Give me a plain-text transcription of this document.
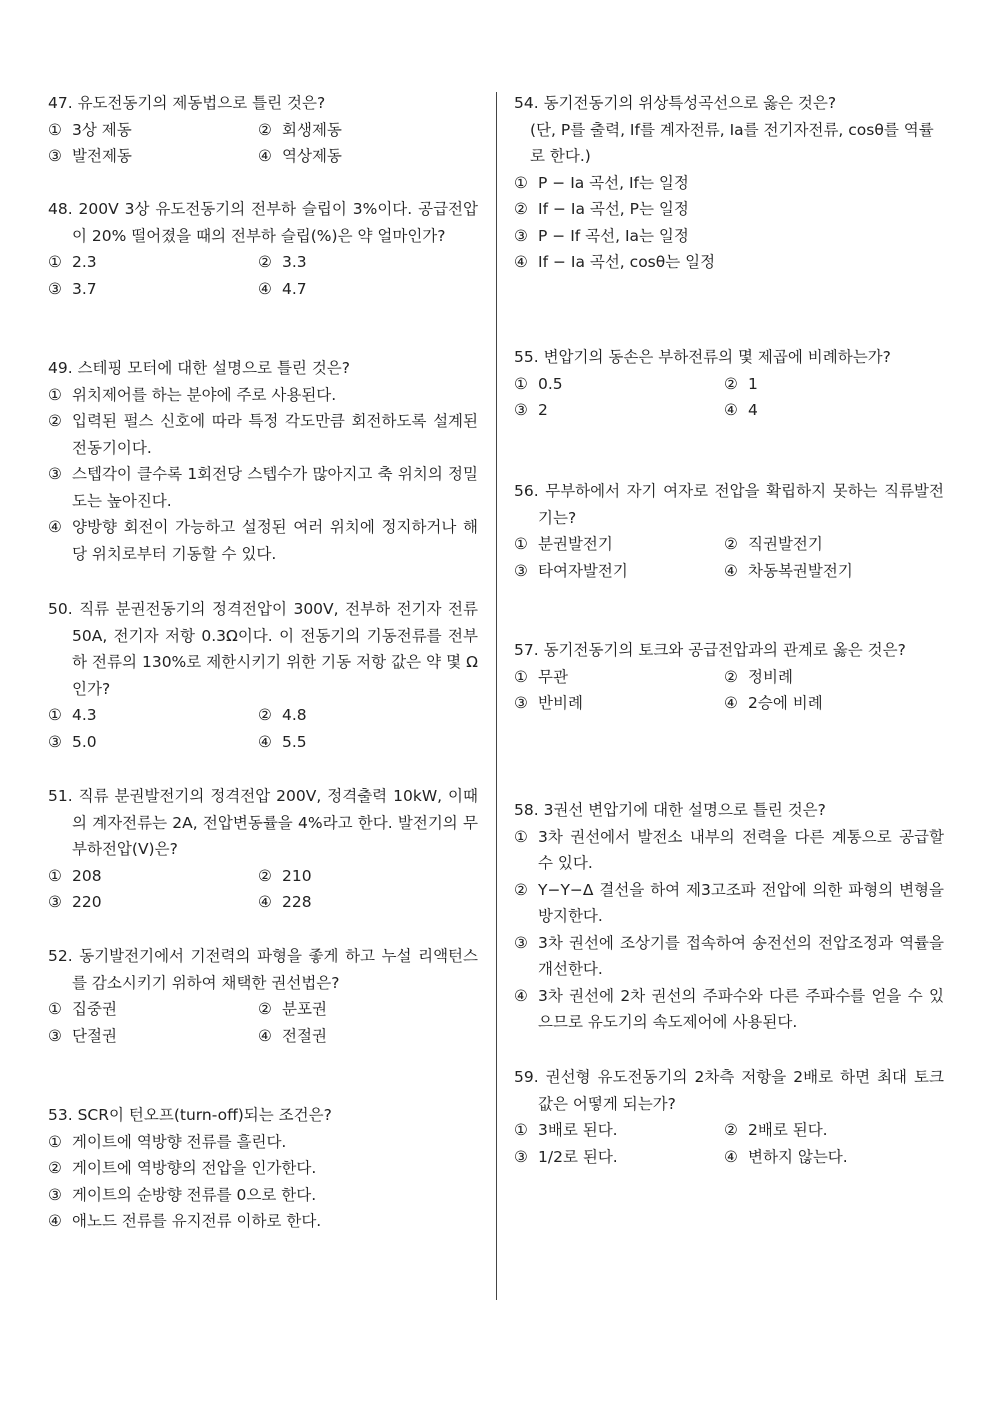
47. 유도전동기의 제동법으로 틀린 것은?
① 3상 제동	② 회생제동
③ 발전제동	④ 역상제동
48. 200V 3상 유도전동기의 전부하 슬립이 3%이다. 공급전압이 20% 떨어졌을 때의 전부하 슬립(%)은 약 얼마인가?
① 2.3	② 3.3
③ 3.7	④ 4.7
49. 스테핑 모터에 대한 설명으로 틀린 것은?
① 위치제어를 하는 분야에 주로 사용된다.
② 입력된 펄스 신호에 따라 특정 각도만큼 회전하도록 설계된 전동기이다.
③ 스텝각이 클수록 1회전당 스텝수가 많아지고 축 위치의 정밀도는 높아진다.
④ 양방향 회전이 가능하고 설정된 여러 위치에 정지하거나 해당 위치로부터 기동할 수 있다.
50. 직류 분권전동기의 정격전압이 300V, 전부하 전기자 전류 50A, 전기자 저항 0.3Ω이다. 이 전동기의 기동전류를 전부하 전류의 130%로 제한시키기 위한 기동 저항 값은 약 몇 Ω인가?
① 4.3	② 4.8
③ 5.0	④ 5.5
51. 직류 분권발전기의 정격전압 200V, 정격출력 10kW, 이때의 계자전류는 2A, 전압변동률을 4%라고 한다. 발전기의 무부하전압(V)은?
① 208	② 210
③ 220	④ 228
52. 동기발전기에서 기전력의 파형을 좋게 하고 누설 리액턴스를 감소시키기 위하여 채택한 권선법은?
① 집중권	② 분포권
③ 단절권	④ 전절권
53. SCR이 턴오프(turn-off)되는 조건은?
① 게이트에 역방향 전류를 흘린다.
② 게이트에 역방향의 전압을 인가한다.
③ 게이트의 순방향 전류를 0으로 한다.
④ 애노드 전류를 유지전류 이하로 한다.
54. 동기전동기의 위상특성곡선으로 옳은 것은?
(단, P를 출력, If를 계자전류, Ia를 전기자전류, cosθ를 역률로 한다.)
① P − Ia 곡선, If는 일정
② If − Ia 곡선, P는 일정
③ P − If 곡선, Ia는 일정
④ If − Ia 곡선, cosθ는 일정
55. 변압기의 동손은 부하전류의 몇 제곱에 비례하는가?
① 0.5	② 1
③ 2	④ 4
56. 무부하에서 자기 여자로 전압을 확립하지 못하는 직류발전기는?
① 분권발전기	② 직권발전기
③ 타여자발전기	④ 차동복권발전기
57. 동기전동기의 토크와 공급전압과의 관계로 옳은 것은?
① 무관	② 정비례
③ 반비례	④ 2승에 비례
58. 3권선 변압기에 대한 설명으로 틀린 것은?
① 3차 권선에서 발전소 내부의 전력을 다른 계통으로 공급할 수 있다.
② Y−Y−Δ 결선을 하여 제3고조파 전압에 의한 파형의 변형을 방지한다.
③ 3차 권선에 조상기를 접속하여 송전선의 전압조정과 역률을 개선한다.
④ 3차 권선에 2차 권선의 주파수와 다른 주파수를 얻을 수 있으므로 유도기의 속도제어에 사용된다.
59. 권선형 유도전동기의 2차측 저항을 2배로 하면 최대 토크 값은 어떻게 되는가?
① 3배로 된다.	② 2배로 된다.
③ 1/2로 된다.	④ 변하지 않는다.
